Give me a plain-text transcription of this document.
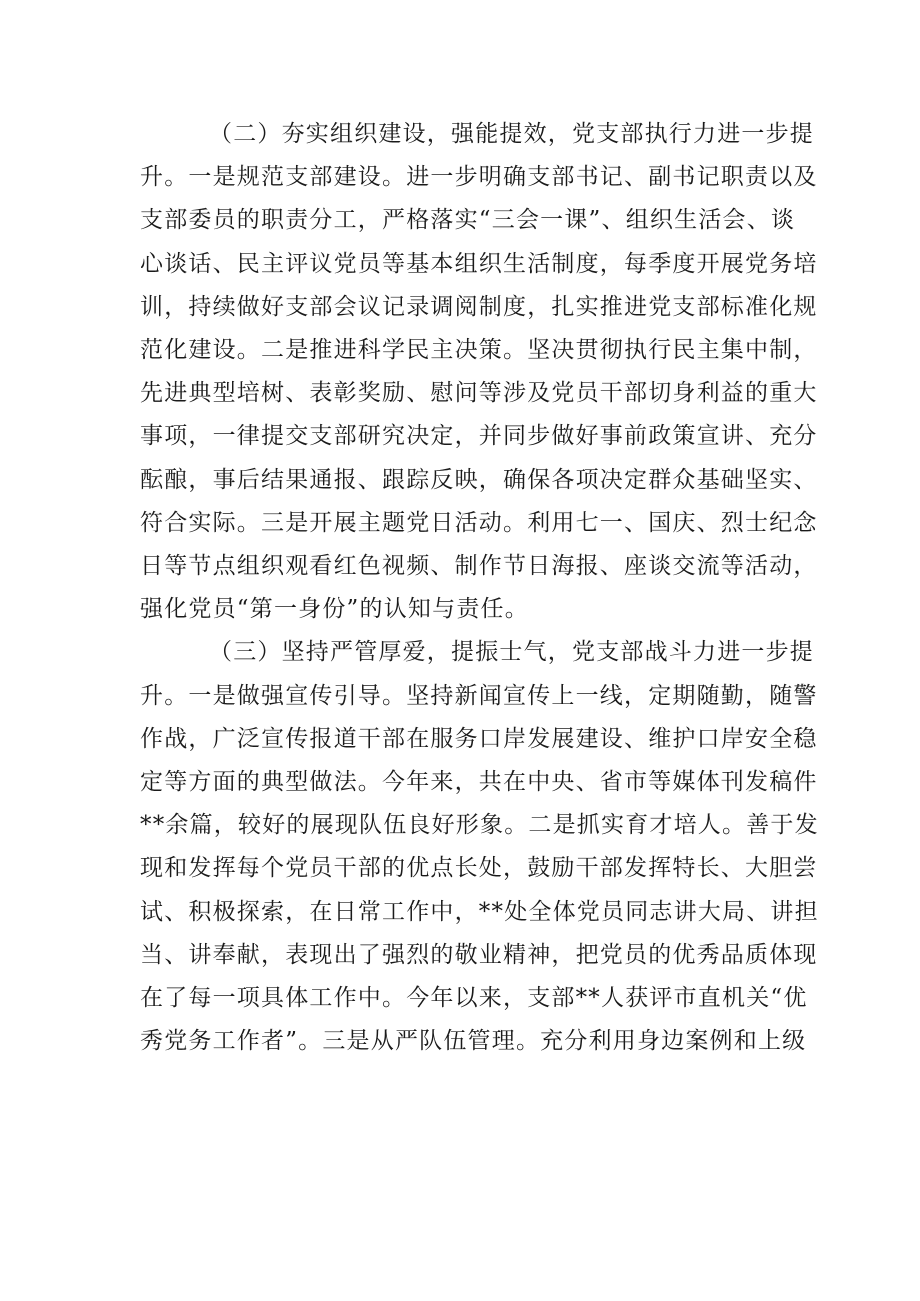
（二）夯实组织建设，强能提效，党支部执行力进一步提
升。一是规范支部建设。进一步明确支部书记、副书记职责以及
支部委员的职责分工，严格落实“三会一课”、组织生活会、谈
心谈话、民主评议党员等基本组织生活制度，每季度开展党务培
训，持续做好支部会议记录调阅制度，扎实推进党支部标准化规
范化建设。二是推进科学民主决策。坚决贯彻执行民主集中制，
先进典型培树、表彰奖励、慰问等涉及党员干部切身利益的重大
事项，一律提交支部研究决定，并同步做好事前政策宣讲、充分
酝酿，事后结果通报、跟踪反映，确保各项决定群众基础坚实、
符合实际。三是开展主题党日活动。利用七一、国庆、烈士纪念
日等节点组织观看红色视频、制作节日海报、座谈交流等活动，
强化党员“第一身份”的认知与责任。
（三）坚持严管厚爱，提振士气，党支部战斗力进一步提
升。一是做强宣传引导。坚持新闻宣传上一线，定期随勤，随警
作战，广泛宣传报道干部在服务口岸发展建设、维护口岸安全稳
定等方面的典型做法。今年来，共在中央、省市等媒体刊发稿件
**余篇，较好的展现队伍良好形象。二是抓实育才培人。善于发
现和发挥每个党员干部的优点长处，鼓励干部发挥特长、大胆尝
试、积极探索，在日常工作中，**处全体党员同志讲大局、讲担
当、讲奉献，表现出了强烈的敬业精神，把党员的优秀品质体现
在了每一项具体工作中。今年以来，支部**人获评市直机关“优
秀党务工作者”。三是从严队伍管理。充分利用身边案例和上级
